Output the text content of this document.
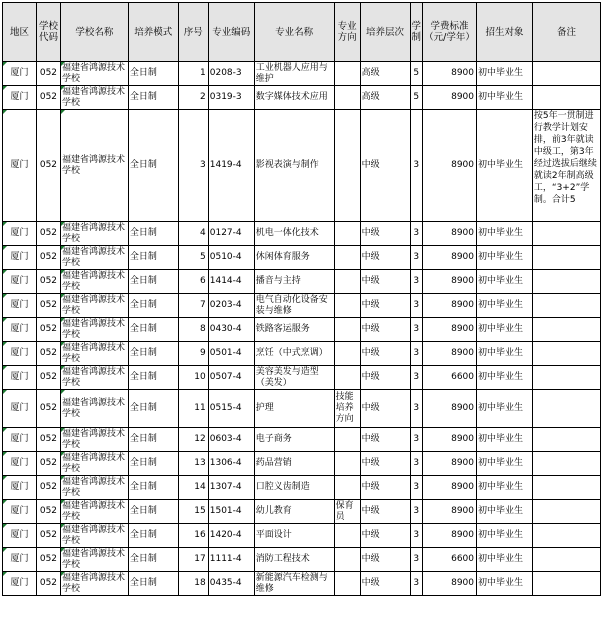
地区	学校代码	学校名称	培养模式	序号	专业编码	专业名称	专业方向	培养层次	学制	学费标准（元/学年）	招生对象	备注
厦门	052	福建省鸿源技术学校	全日制	1	0208-3	工业机器人应用与维护		高级	5	8900	初中毕业生	
厦门	052	福建省鸿源技术学校	全日制	2	0319-3	数字媒体技术应用		高级	5	8900	初中毕业生	
厦门	052	福建省鸿源技术学校	全日制	3	1419-4	影视表演与制作		中级	3	8900	初中毕业生	按5年一贯制进行教学计划安排，前3年就读中级工，第3年经过选拔后继续就读2年制高级工，“3+2”学制。合计5
厦门	052	福建省鸿源技术学校	全日制	4	0127-4	机电一体化技术		中级	3	8900	初中毕业生	
厦门	052	福建省鸿源技术学校	全日制	5	0510-4	休闲体育服务		中级	3	8900	初中毕业生	
厦门	052	福建省鸿源技术学校	全日制	6	1414-4	播音与主持		中级	3	8900	初中毕业生	
厦门	052	福建省鸿源技术学校	全日制	7	0203-4	电气自动化设备安装与维修		中级	3	8900	初中毕业生	
厦门	052	福建省鸿源技术学校	全日制	8	0430-4	铁路客运服务		中级	3	8900	初中毕业生	
厦门	052	福建省鸿源技术学校	全日制	9	0501-4	烹饪（中式烹调）		中级	3	8900	初中毕业生	
厦门	052	福建省鸿源技术学校	全日制	10	0507-4	美容美发与造型（美发）		中级	3	6600	初中毕业生	
厦门	052	福建省鸿源技术学校	全日制	11	0515-4	护理	技能培养方向	中级	3	8900	初中毕业生	
厦门	052	福建省鸿源技术学校	全日制	12	0603-4	电子商务		中级	3	8900	初中毕业生	
厦门	052	福建省鸿源技术学校	全日制	13	1306-4	药品营销		中级	3	8900	初中毕业生	
厦门	052	福建省鸿源技术学校	全日制	14	1307-4	口腔义齿制造		中级	3	8900	初中毕业生	
厦门	052	福建省鸿源技术学校	全日制	15	1501-4	幼儿教育	保育员	中级	3	8900	初中毕业生	
厦门	052	福建省鸿源技术学校	全日制	16	1420-4	平面设计		中级	3	8900	初中毕业生	
厦门	052	福建省鸿源技术学校	全日制	17	1111-4	消防工程技术		中级	3	6600	初中毕业生	
厦门	052	福建省鸿源技术学校	全日制	18	0435-4	新能源汽车检测与维修		中级	3	8900	初中毕业生	
